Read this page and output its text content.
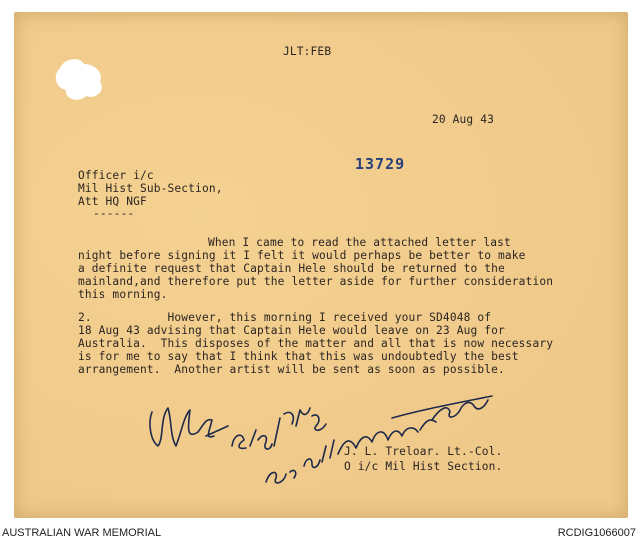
JLT:FEB
20 Aug 43
13729
Officer i/c
Mil Hist Sub-Section,
Att HQ NGF
------
When I came to read the attached letter last
night before signing it I felt it would perhaps be better to make
a definite request that Captain Hele should be returned to the
mainland,and therefore put the letter aside for further consideration
this morning.
2.           However, this morning I received your SD4048 of
18 Aug 43 advising that Captain Hele would leave on 23 Aug for
Australia.  This disposes of the matter and all that is now necessary
is for me to say that I think that this was undoubtedly the best
arrangement.  Another artist will be sent as soon as possible.
J. L. Treloar. Lt.-Col.
O i/c Mil Hist Section.
AUSTRALIAN WAR MEMORIAL	RCDIG1066007
